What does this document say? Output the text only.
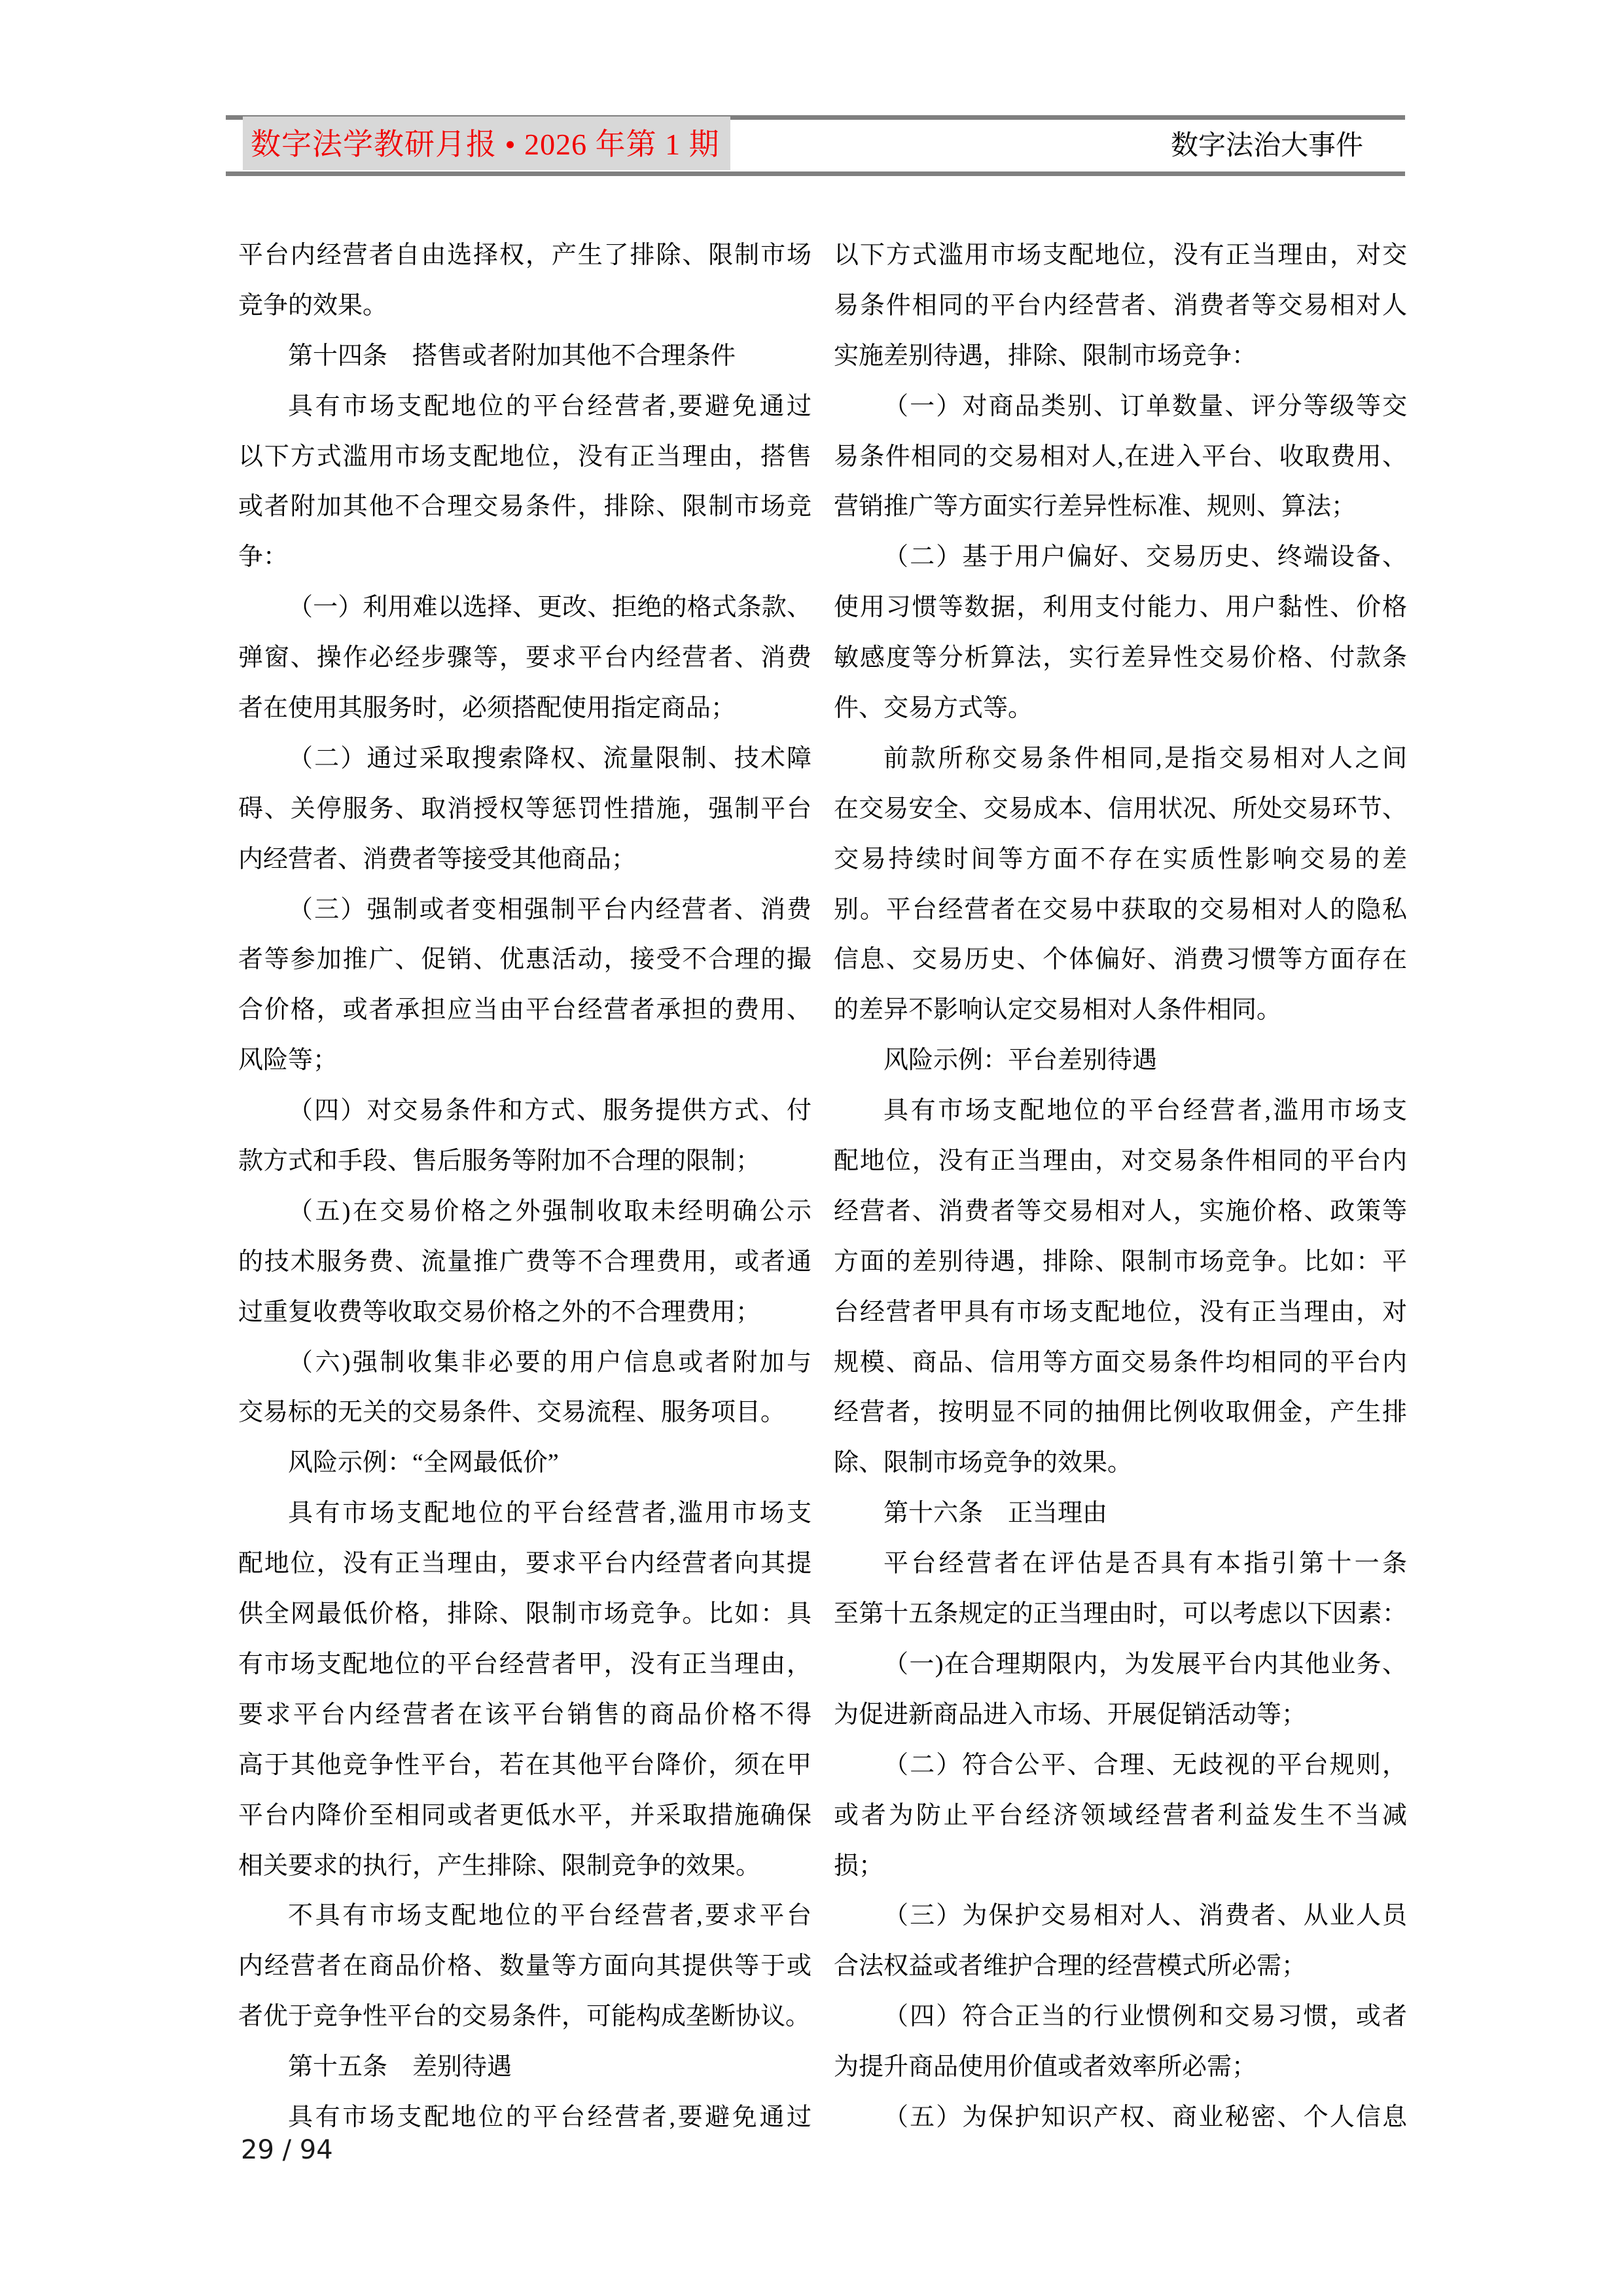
数字法学教研月报 • 2026 年第 1 期	数字法治大事件
平台内经营者自由选择权，产生了排除、限制市场
竞争的效果。
第十四条　搭售或者附加其他不合理条件
具有市场支配地位的平台经营者,要避免通过
以下方式滥用市场支配地位，没有正当理由，搭售
或者附加其他不合理交易条件，排除、限制市场竞
争：
（一）利用难以选择、更改、拒绝的格式条款、
弹窗、操作必经步骤等，要求平台内经营者、消费
者在使用其服务时，必须搭配使用指定商品；
（二）通过采取搜索降权、流量限制、技术障
碍、关停服务、取消授权等惩罚性措施，强制平台
内经营者、消费者等接受其他商品；
（三）强制或者变相强制平台内经营者、消费
者等参加推广、促销、优惠活动，接受不合理的撮
合价格，或者承担应当由平台经营者承担的费用、
风险等；
（四）对交易条件和方式、服务提供方式、付
款方式和手段、售后服务等附加不合理的限制；
（五)在交易价格之外强制收取未经明确公示
的技术服务费、流量推广费等不合理费用，或者通
过重复收费等收取交易价格之外的不合理费用；
（六)强制收集非必要的用户信息或者附加与
交易标的无关的交易条件、交易流程、服务项目。
风险示例：“全网最低价”
具有市场支配地位的平台经营者,滥用市场支
配地位，没有正当理由，要求平台内经营者向其提
供全网最低价格，排除、限制市场竞争。比如：具
有市场支配地位的平台经营者甲，没有正当理由，
要求平台内经营者在该平台销售的商品价格不得
高于其他竞争性平台，若在其他平台降价，须在甲
平台内降价至相同或者更低水平，并采取措施确保
相关要求的执行，产生排除、限制竞争的效果。
不具有市场支配地位的平台经营者,要求平台
内经营者在商品价格、数量等方面向其提供等于或
者优于竞争性平台的交易条件，可能构成垄断协议。
第十五条　差别待遇
具有市场支配地位的平台经营者,要避免通过
以下方式滥用市场支配地位，没有正当理由，对交
易条件相同的平台内经营者、消费者等交易相对人
实施差别待遇，排除、限制市场竞争：
（一）对商品类别、订单数量、评分等级等交
易条件相同的交易相对人,在进入平台、收取费用、
营销推广等方面实行差异性标准、规则、算法；
（二）基于用户偏好、交易历史、终端设备、
使用习惯等数据，利用支付能力、用户黏性、价格
敏感度等分析算法，实行差异性交易价格、付款条
件、交易方式等。
前款所称交易条件相同,是指交易相对人之间
在交易安全、交易成本、信用状况、所处交易环节、
交易持续时间等方面不存在实质性影响交易的差
别。平台经营者在交易中获取的交易相对人的隐私
信息、交易历史、个体偏好、消费习惯等方面存在
的差异不影响认定交易相对人条件相同。
风险示例：平台差别待遇
具有市场支配地位的平台经营者,滥用市场支
配地位，没有正当理由，对交易条件相同的平台内
经营者、消费者等交易相对人，实施价格、政策等
方面的差别待遇，排除、限制市场竞争。比如：平
台经营者甲具有市场支配地位，没有正当理由，对
规模、商品、信用等方面交易条件均相同的平台内
经营者，按明显不同的抽佣比例收取佣金，产生排
除、限制市场竞争的效果。
第十六条　正当理由
平台经营者在评估是否具有本指引第十一条
至第十五条规定的正当理由时，可以考虑以下因素：
（一)在合理期限内，为发展平台内其他业务、
为促进新商品进入市场、开展促销活动等；
（二）符合公平、合理、无歧视的平台规则，
或者为防止平台经济领域经营者利益发生不当减
损；
（三）为保护交易相对人、消费者、从业人员
合法权益或者维护合理的经营模式所必需；
（四）符合正当的行业惯例和交易习惯，或者
为提升商品使用价值或者效率所必需；
（五）为保护知识产权、商业秘密、个人信息
29 / 94
